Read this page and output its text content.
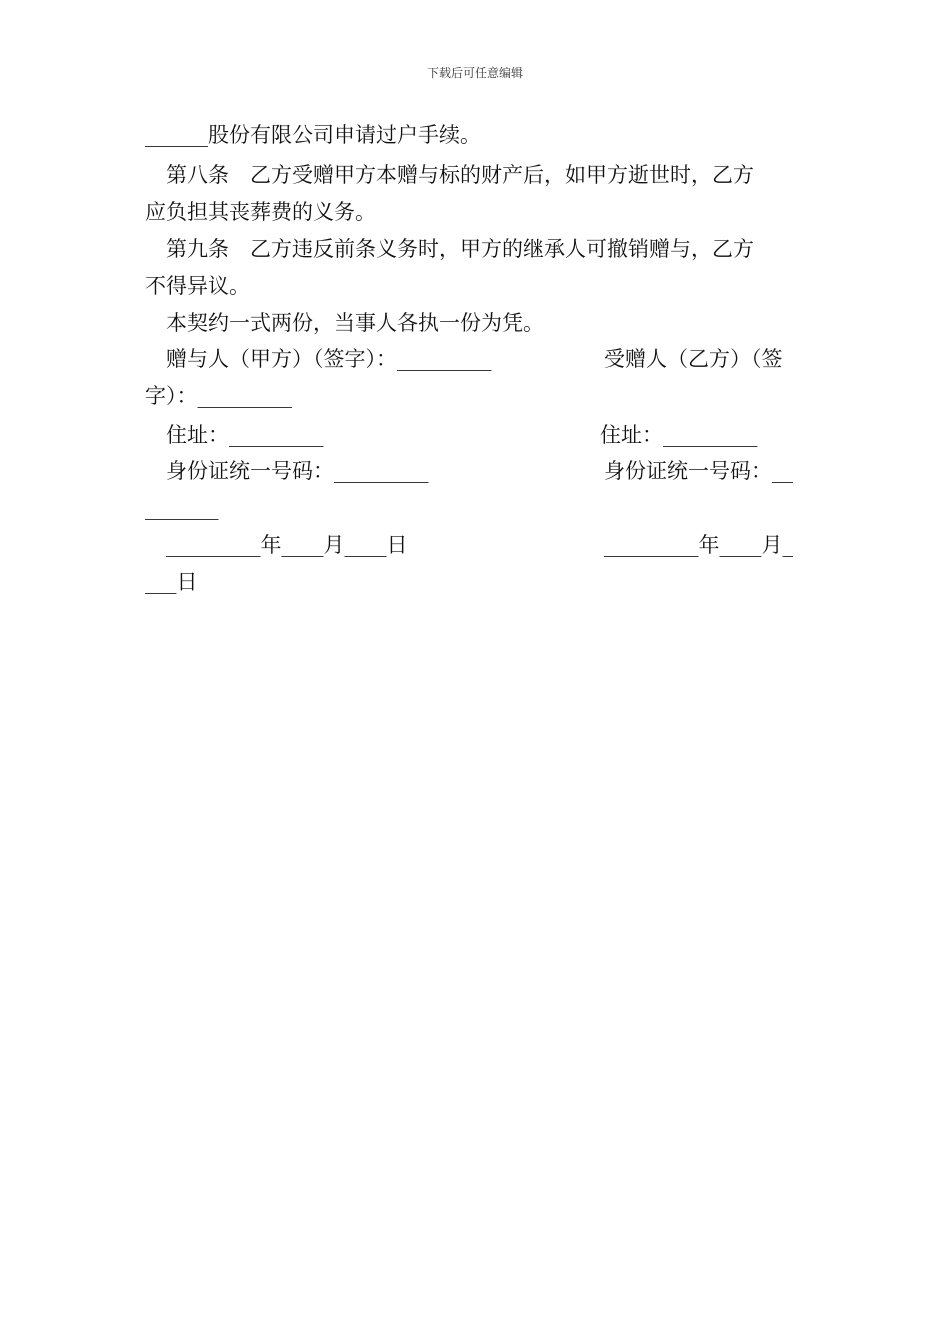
下载后可任意编辑
______股份有限公司申请过户手续。
第八条　乙方受赠甲方本赠与标的财产后，如甲方逝世时，乙方
应负担其丧葬费的义务。
第九条　乙方违反前条义务时，甲方的继承人可撤销赠与，乙方
不得异议。
本契约一式两份，当事人各执一份为凭。
赠与人（甲方）（签字）：_________	受赠人（乙方）（签
字）：_________
住址：_________	住址：_________
身份证统一号码：_________	身份证统一号码：__
_______
_________年____月____日	_________年____月_
___日
